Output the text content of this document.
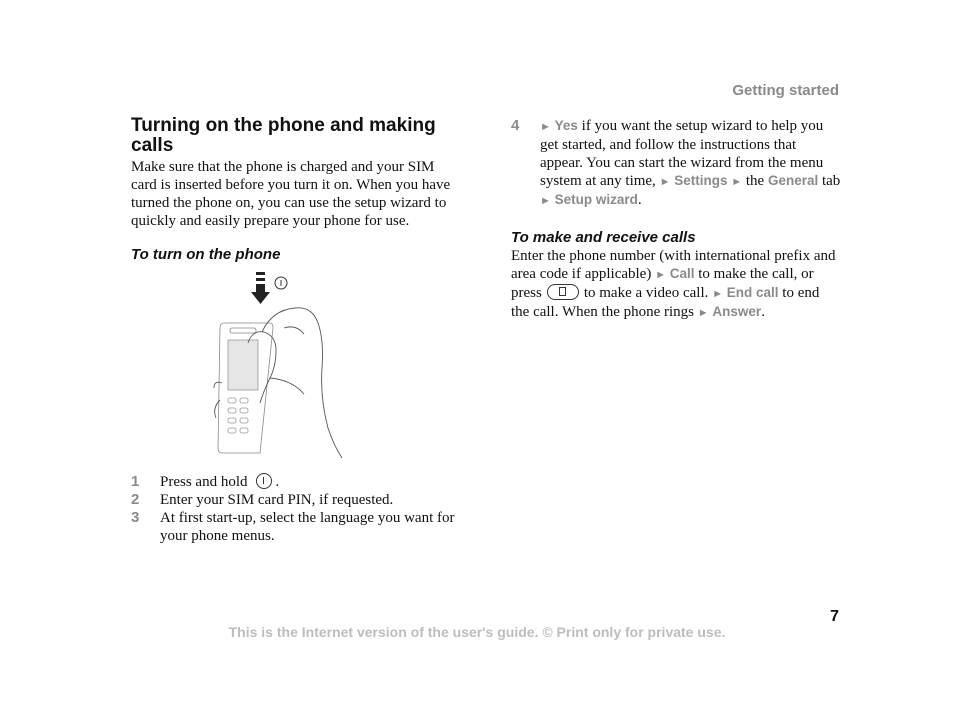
Getting started
Turning on the phone and making calls

Make sure that the phone is charged and your SIM card is inserted before you turn it on. When you have turned the phone on, you can use the setup wizard to quickly and easily prepare your phone for use.

To turn on the phone
1	Press and hold .
2	Enter your SIM card PIN, if requested.
3	At first start-up, select the language you want for your phone menus.
4	► Yes if you want the setup wizard to help you get started, and follow the instructions that appear. You can start the wizard from the menu system at any time, ► Settings ► the General tab ► Setup wizard.
To make and receive calls

Enter the phone number (with international prefix and area code if applicable) ► Call to make the call, or press	to make a video call. ► End call to end the call. When the phone rings ► Answer.

7
This is the Internet version of the user's guide. © Print only for private use.
